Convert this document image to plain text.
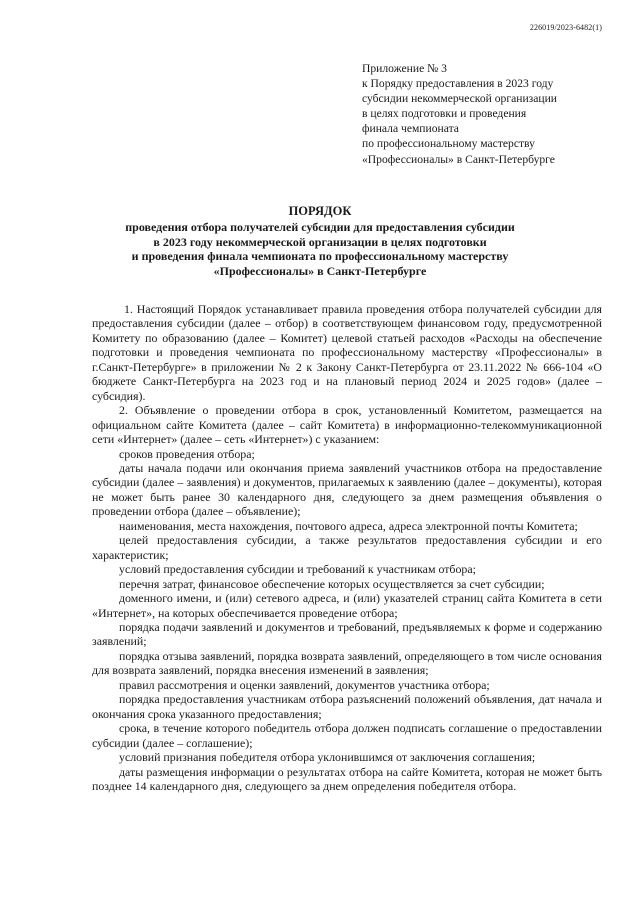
226019/2023-6482(1)
Приложение № 3
к Порядку предоставления в 2023 году
субсидии некоммерческой организации
в целях подготовки и проведения
финала чемпионата
по профессиональному мастерству
«Профессионалы» в Санкт-Петербурге
ПОРЯДОК
проведения отбора получателей субсидии для предоставления субсидии
в 2023 году некоммерческой организации в целях подготовки
и проведения финала чемпионата по профессиональному мастерству
«Профессионалы» в Санкт-Петербурге

1. Настоящий Порядок устанавливает правила проведения отбора получателей субсидии для предоставления субсидии (далее – отбор) в соответствующем финансовом году, предусмотренной Комитету по образованию (далее – Комитет) целевой статьей расходов «Расходы на обеспечение подготовки и проведения чемпионата по профессиональному мастерству «Профессионалы» в г.Санкт-Петербурге» в приложении № 2 к Закону Санкт-Петербурга от 23.11.2022 № 666-104 «О бюджете Санкт-Петербурга на 2023 год и на плановый период 2024 и 2025 годов» (далее – субсидия).

2. Объявление о проведении отбора в срок, установленный Комитетом, размещается на официальном сайте Комитета (далее – сайт Комитета) в информационно-телекоммуникационной сети «Интернет» (далее – сеть «Интернет») с указанием:

сроков проведения отбора;

даты начала подачи или окончания приема заявлений участников отбора на предоставление субсидии (далее – заявления) и документов, прилагаемых к заявлению (далее – документы), которая не может быть ранее 30 календарного дня, следующего за днем размещения объявления о проведении отбора (далее – объявление);

наименования, места нахождения, почтового адреса, адреса электронной почты Комитета;

целей предоставления субсидии, а также результатов предоставления субсидии и его характеристик;

условий предоставления субсидии и требований к участникам отбора;

перечня затрат, финансовое обеспечение которых осуществляется за счет субсидии;

доменного имени, и (или) сетевого адреса, и (или) указателей страниц сайта Комитета в сети «Интернет», на которых обеспечивается проведение отбора;

порядка подачи заявлений и документов и требований, предъявляемых к форме и содержанию заявлений;

порядка отзыва заявлений, порядка возврата заявлений, определяющего в том числе основания для возврата заявлений, порядка внесения изменений в заявления;

правил рассмотрения и оценки заявлений, документов участника отбора;

порядка предоставления участникам отбора разъяснений положений объявления, дат начала и окончания срока указанного предоставления;

срока, в течение которого победитель отбора должен подписать соглашение о предоставлении субсидии (далее – соглашение);

условий признания победителя отбора уклонившимся от заключения соглашения;

даты размещения информации о результатах отбора на сайте Комитета, которая не может быть позднее 14 календарного дня, следующего за днем определения победителя отбора.
